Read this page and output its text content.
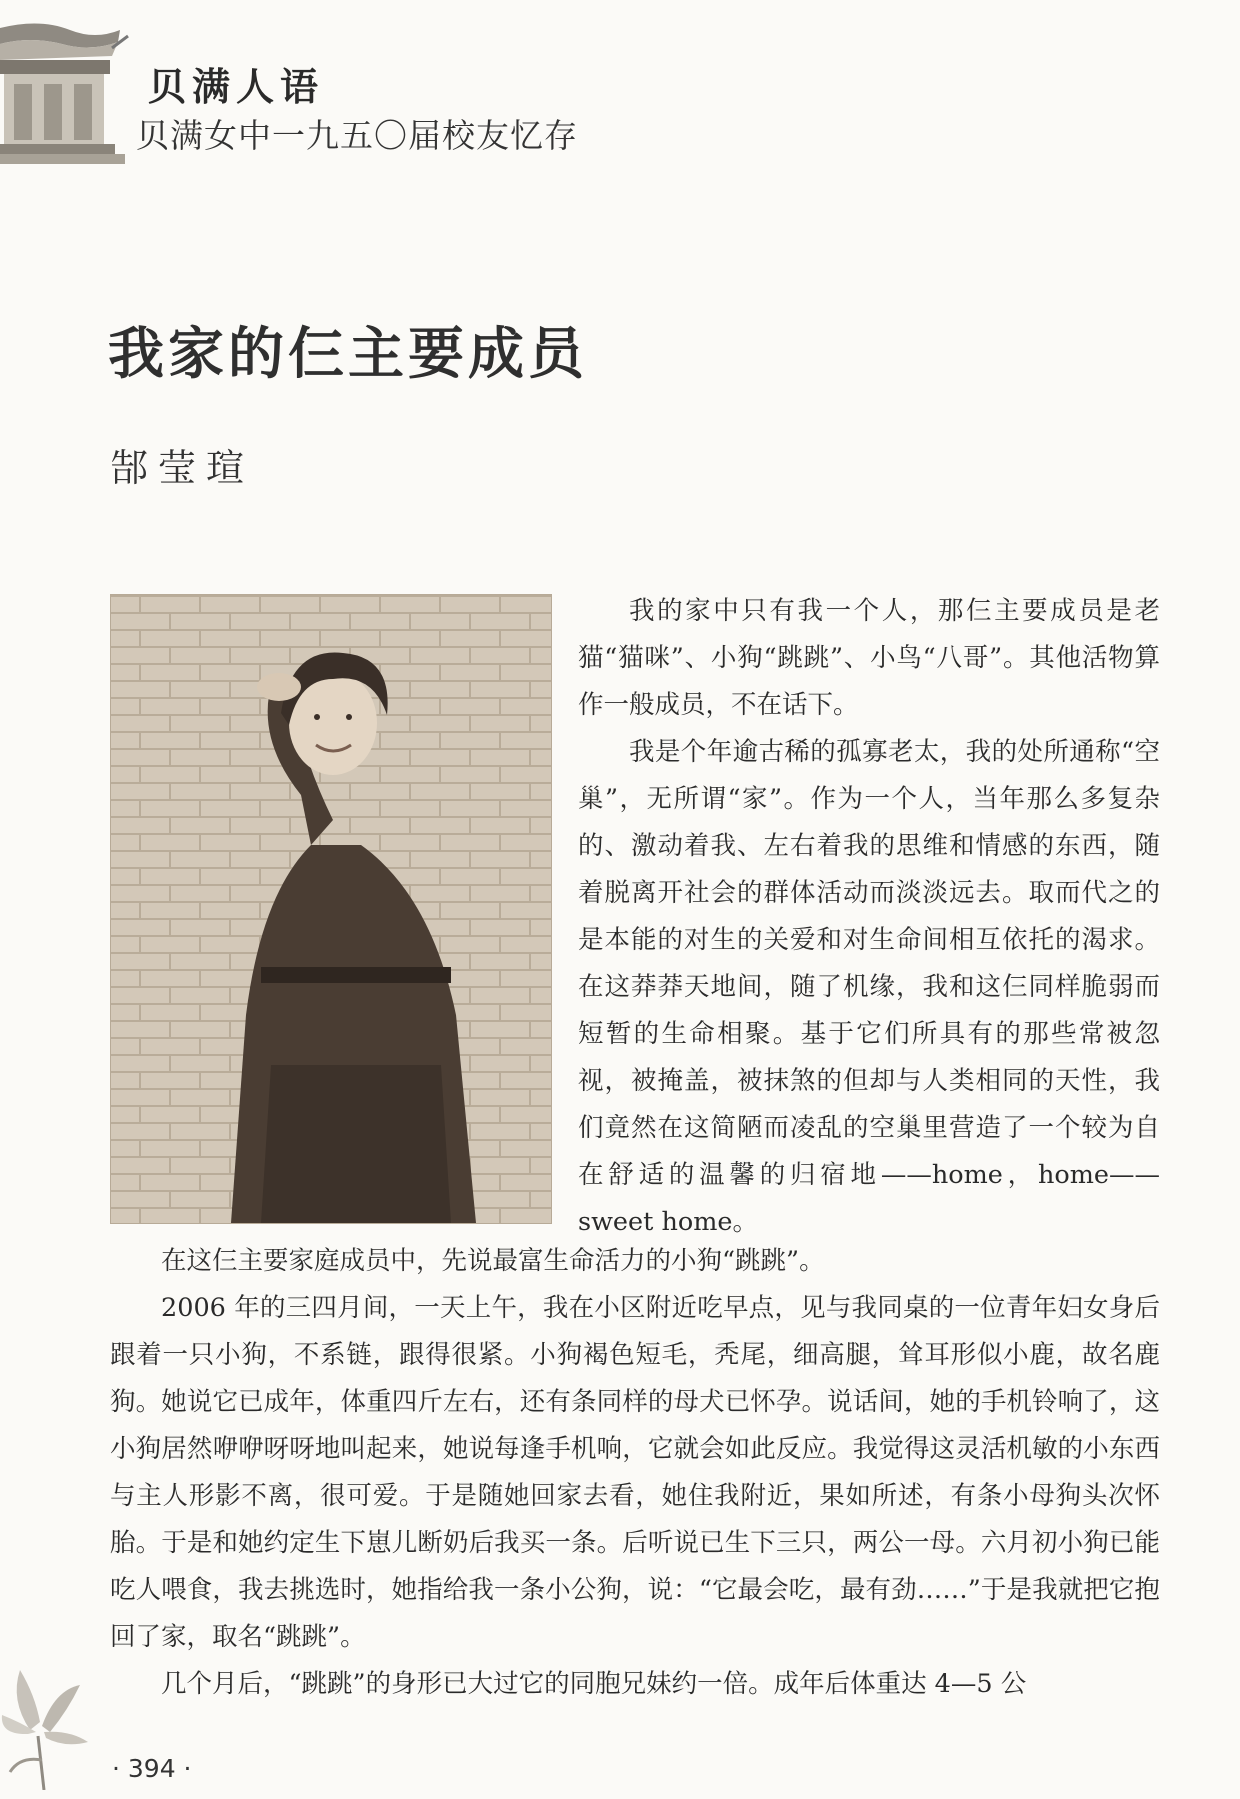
贝满人语
贝满女中一九五〇届校友忆存
我家的仨主要成员
郜莹瑄

我的家中只有我一个人，那仨主要成员是老猫“猫咪”、小狗“跳跳”、小鸟“八哥”。其他活物算作一般成员，不在话下。

我是个年逾古稀的孤寡老太，我的处所通称“空巢”，无所谓“家”。作为一个人，当年那么多复杂的、激动着我、左右着我的思维和情感的东西，随着脱离开社会的群体活动而淡淡远去。取而代之的是本能的对生的关爱和对生命间相互依托的渴求。在这莽莽天地间，随了机缘，我和这仨同样脆弱而短暂的生命相聚。基于它们所具有的那些常被忽视，被掩盖，被抹煞的但却与人类相同的天性，我们竟然在这简陋而凌乱的空巢里营造了一个较为自在舒适的温馨的归宿地——home，home——sweet home。

在这仨主要家庭成员中，先说最富生命活力的小狗“跳跳”。

2006 年的三四月间，一天上午，我在小区附近吃早点，见与我同桌的一位青年妇女身后跟着一只小狗，不系链，跟得很紧。小狗褐色短毛，秃尾，细高腿，耸耳形似小鹿，故名鹿狗。她说它已成年，体重四斤左右，还有条同样的母犬已怀孕。说话间，她的手机铃响了，这小狗居然咿咿呀呀地叫起来，她说每逢手机响，它就会如此反应。我觉得这灵活机敏的小东西与主人形影不离，很可爱。于是随她回家去看，她住我附近，果如所述，有条小母狗头次怀胎。于是和她约定生下崽儿断奶后我买一条。后听说已生下三只，两公一母。六月初小狗已能吃人喂食，我去挑选时，她指给我一条小公狗，说：“它最会吃，最有劲……”于是我就把它抱回了家，取名“跳跳”。

几个月后，“跳跳”的身形已大过它的同胞兄妹约一倍。成年后体重达 4—5 公

· 394 ·
